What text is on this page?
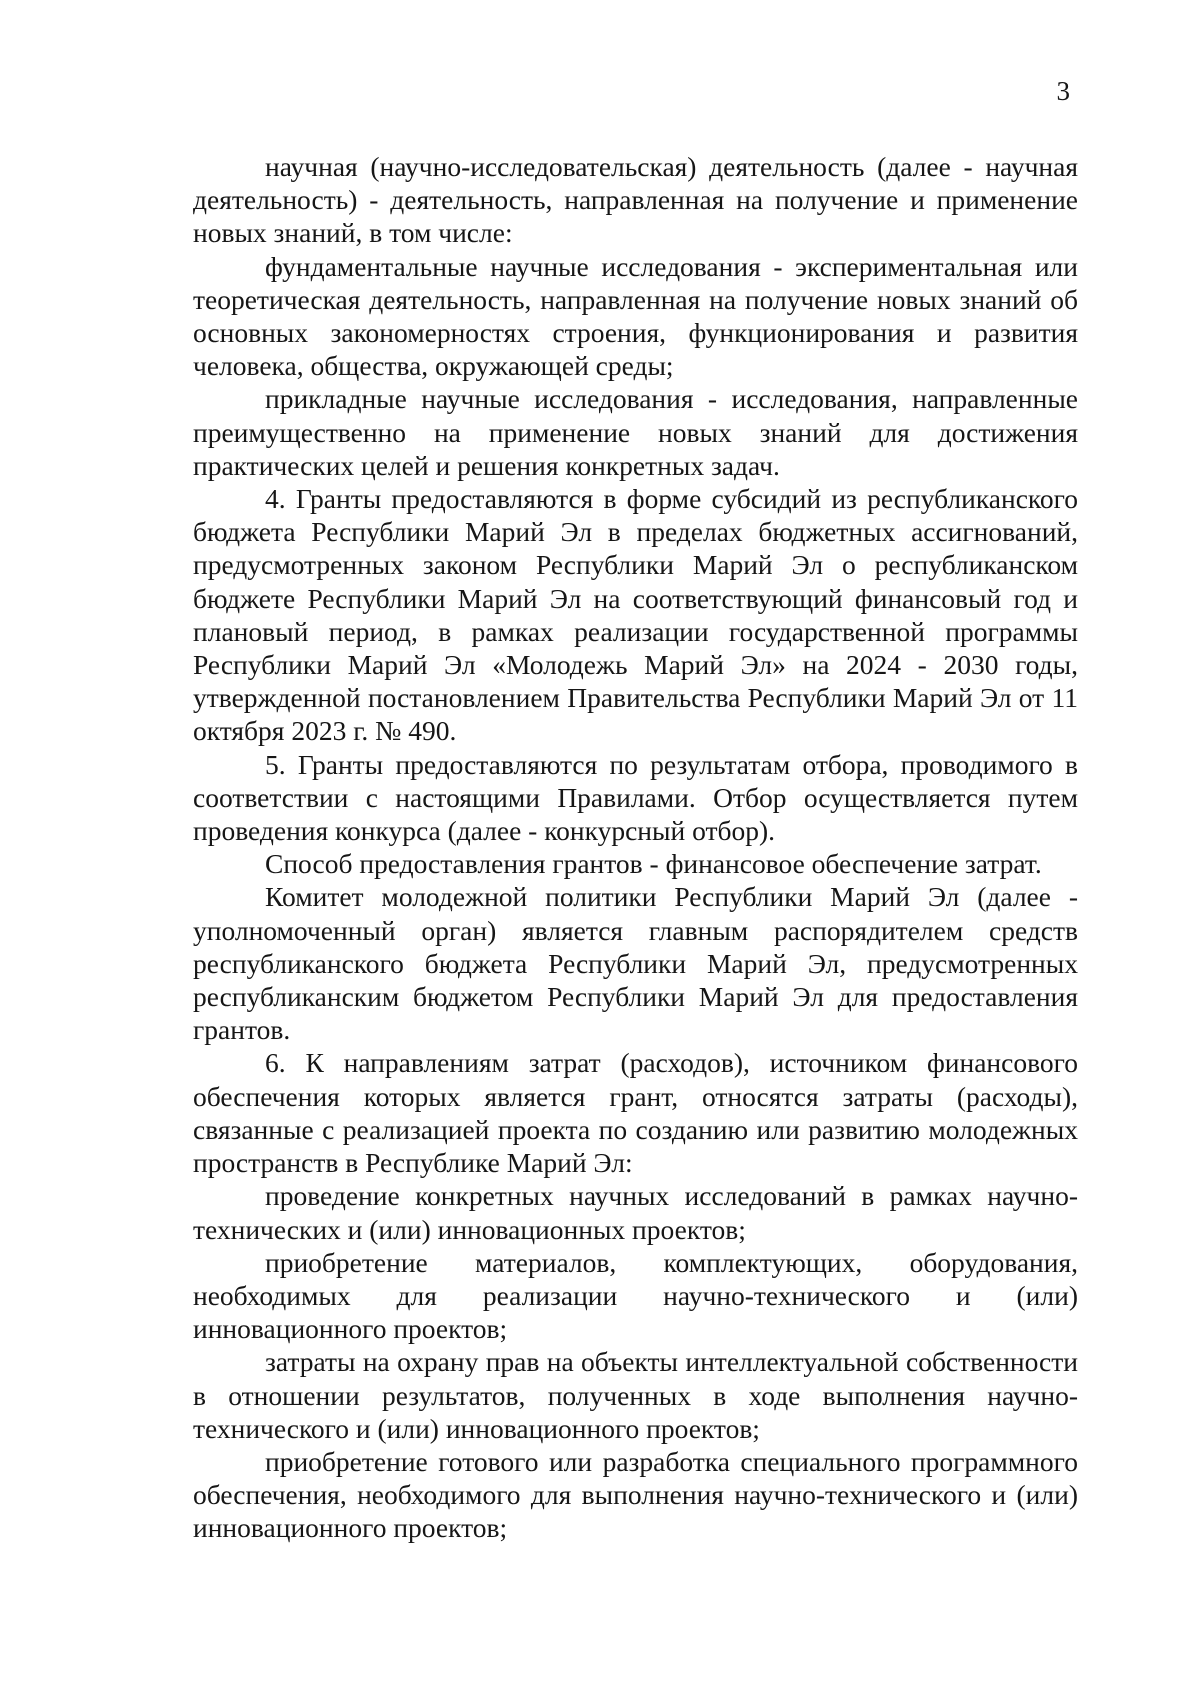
3

научная (научно-исследовательская) деятельность (далее - научная деятельность) - деятельность, направленная на получение и применение новых знаний, в том числе:

фундаментальные научные исследования - экспериментальная или теоретическая деятельность, направленная на получение новых знаний об основных закономерностях строения, функционирования и развития человека, общества, окружающей среды;

прикладные научные исследования - исследования, направленные преимущественно на применение новых знаний для достижения практических целей и решения конкретных задач.

4. Гранты предоставляются в форме субсидий из республиканского бюджета Республики Марий Эл в пределах бюджетных ассигнований, предусмотренных законом Республики Марий Эл о республиканском бюджете Республики Марий Эл на соответствующий финансовый год и плановый период, в рамках реализации государственной программы Республики Марий Эл «Молодежь Марий Эл» на 2024 - 2030 годы, утвержденной постановлением Правительства Республики Марий Эл от 11 октября 2023 г. № 490.

5. Гранты предоставляются по результатам отбора, проводимого в соответствии с настоящими Правилами. Отбор осуществляется путем проведения конкурса (далее - конкурсный отбор).

Способ предоставления грантов - финансовое обеспечение затрат.

Комитет молодежной политики Республики Марий Эл (далее - уполномоченный орган) является главным распорядителем средств республиканского бюджета Республики Марий Эл, предусмотренных республиканским бюджетом Республики Марий Эл для предоставления грантов.

6. К направлениям затрат (расходов), источником финансового обеспечения которых является грант, относятся затраты (расходы), связанные с реализацией проекта по созданию или развитию молодежных пространств в Республике Марий Эл:

проведение конкретных научных исследований в рамках научно-технических и (или) инновационных проектов;

приобретение материалов, комплектующих, оборудования, необходимых для реализации научно-технического и (или) инновационного проектов;

затраты на охрану прав на объекты интеллектуальной собственности в отношении результатов, полученных в ходе выполнения научно-технического и (или) инновационного проектов;

приобретение готового или разработка специального программного обеспечения, необходимого для выполнения научно-технического и (или) инновационного проектов;
